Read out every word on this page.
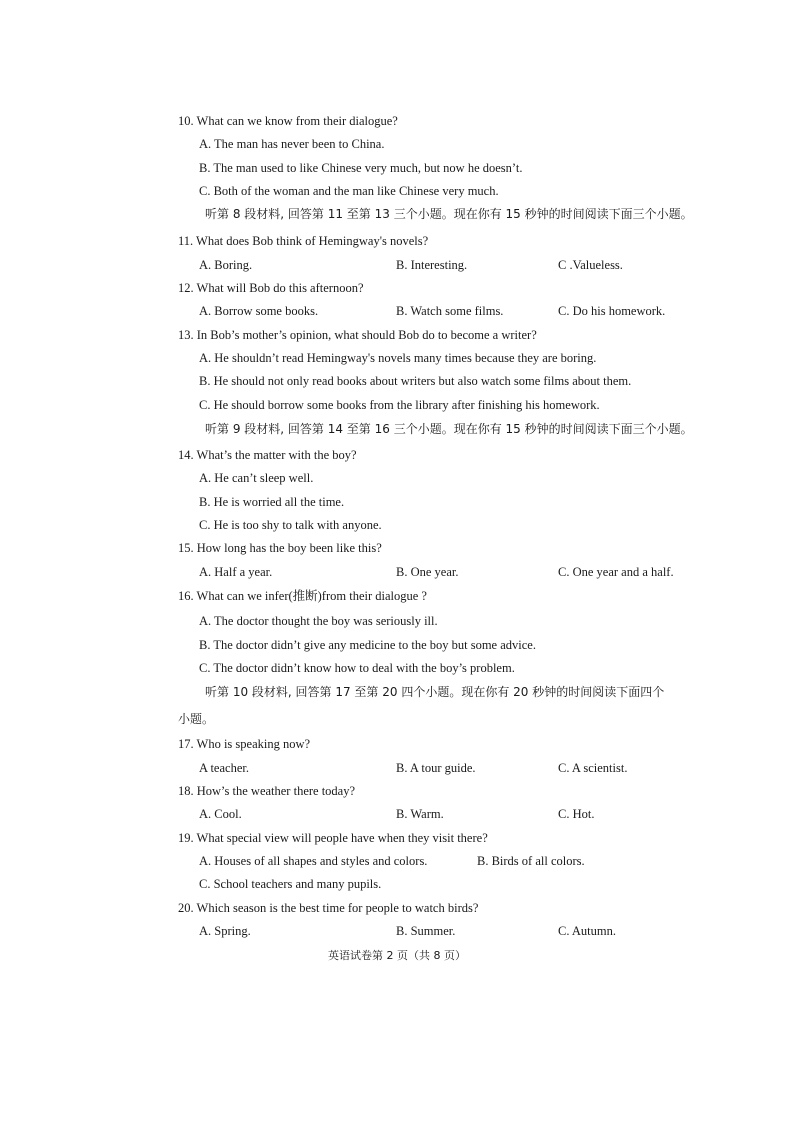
10. What can we know from their dialogue?
A. The man has never been to China.
B. The man used to like Chinese very much, but now he doesn’t.
C. Both of the woman and the man like Chinese very much.
听第 8 段材料, 回答第 11 至第 13 三个小题。现在你有 15 秒钟的时间阅读下面三个小题。
11. What does Bob think of Hemingway's novels?
A. Boring.	B. Interesting.	C .Valueless.
12. What will Bob do this afternoon?
A. Borrow some books.	B. Watch some films.	C. Do his homework.
13. In Bob’s mother’s opinion, what should Bob do to become a writer?
A. He shouldn’t read Hemingway's novels many times because they are boring.
B. He should not only read books about writers but also watch some films about them.
C. He should borrow some books from the library after finishing his homework.
听第 9 段材料, 回答第 14 至第 16 三个小题。现在你有 15 秒钟的时间阅读下面三个小题。
14. What’s the matter with the boy?
A. He can’t sleep well.
B. He is worried all the time.
C. He is too shy to talk with anyone.
15. How long has the boy been like this?
A. Half a year.	B. One year.	C. One year and a half.
16. What can we infer(推断)from their dialogue ?
A. The doctor thought the boy was seriously ill.
B. The doctor didn’t give any medicine to the boy but some advice.
C. The doctor didn’t know how to deal with the boy’s problem.
听第 10 段材料, 回答第 17 至第 20 四个小题。现在你有 20 秒钟的时间阅读下面四个
小题。
17. Who is speaking now?
A teacher.	B. A tour guide.	C. A scientist.
18. How’s the weather there today?
A. Cool.	B. Warm.	C. Hot.
19. What special view will people have when they visit there?
A. Houses of all shapes and styles and colors.	B. Birds of all colors.
C. School teachers and many pupils.
20. Which season is the best time for people to watch birds?
A. Spring.	B. Summer.	C. Autumn.
英语试卷第 2 页（共 8 页）
